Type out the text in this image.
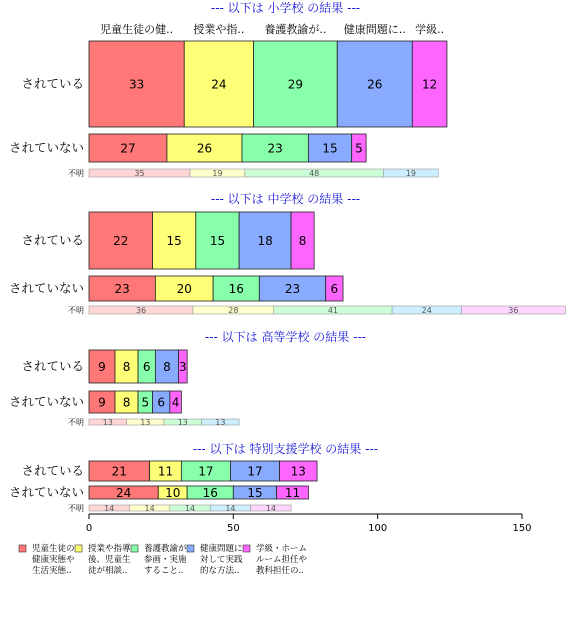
--- 以下は 小学校 の結果 ---
されている	33	24	29	26	12
児童生徒の健.. 授業や指.. 養護教諭が.. 健康問題に.. 学級..
されていない	27	26	23	15 5
不明	35	19	48	19
--- 以下は 中学校 の結果 ---
されている 22	15 15	18 8
されていない	23	20	16	23	6
不明	36	28	41	24	36
--- 以下は 高等学校 の結果 ---
されている 9 8 6 8 3
されていない 9 8 5 6 4
不明 13	13	13	13
--- 以下は 特別支援学校 の結果 ---
されている 21	11 17	17 13
されていない	24	10 16 15 11
不明	14	14	14	14	14
0	50	100	150
児童生徒の
健康実態や
生活実態..
授業や指導
後、児童生
徒が相談..
養護教諭が
参画・実施
すること..
健康問題に
対して実践
的な方法..
学級・ホーム
ルーム担任や
教科担任の..
